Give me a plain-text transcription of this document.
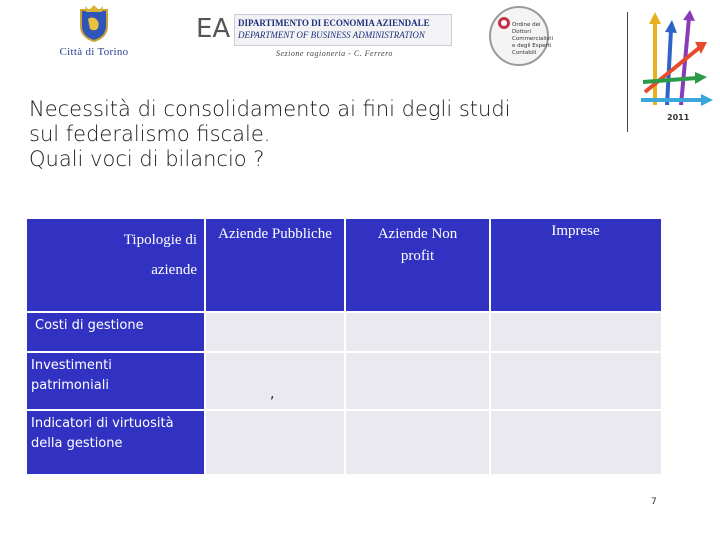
Città di Torino
EA DIPARTIMENTO DI ECONOMIA AZIENDALE
DEPARTMENT OF BUSINESS ADMINISTRATION
Sezione ragioneria - C. Ferrero
Ordine dei Dottori Commercialisti e degli Esperti Contabili
2011
Necessità di consolidamento ai fini degli studi
sul federalismo fiscale.
Quali voci di bilancio ?
Tipologie di aziende
Aziende Pubbliche	Aziende Non profit
Imprese
Costi di gestione
Investimenti patrimoniali
Indicatori di virtuosità della gestione
,
7
